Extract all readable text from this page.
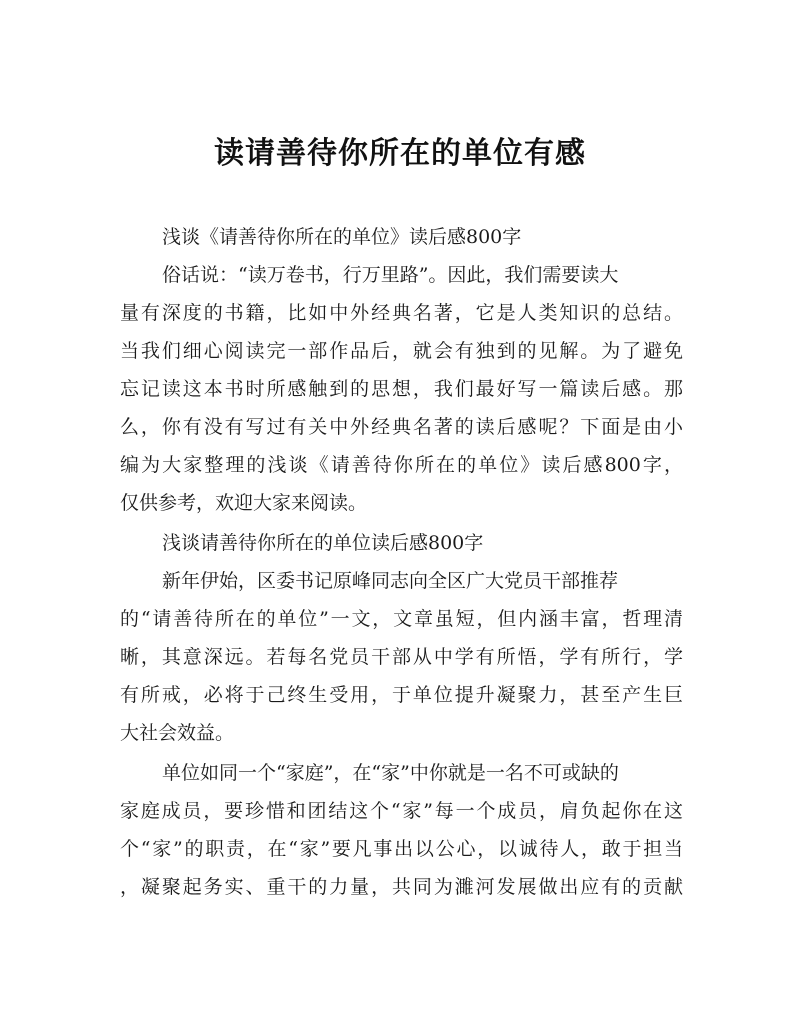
读请善待你所在的单位有感
浅谈《请善待你所在的单位》读后感800字
俗话说：“读万卷书，行万里路”。因此，我们需要读大
量有深度的书籍，比如中外经典名著，它是人类知识的总结。
当我们细心阅读完一部作品后，就会有独到的见解。为了避免
忘记读这本书时所感触到的思想，我们最好写一篇读后感。那
么，你有没有写过有关中外经典名著的读后感呢？下面是由小
编为大家整理的浅谈《请善待你所在的单位》读后感800字，
仅供参考，欢迎大家来阅读。
浅谈请善待你所在的单位读后感800字
新年伊始，区委书记原峰同志向全区广大党员干部推荐
的“请善待所在的单位”一文，文章虽短，但内涵丰富，哲理清
晰，其意深远。若每名党员干部从中学有所悟，学有所行，学
有所戒，必将于己终生受用，于单位提升凝聚力，甚至产生巨
大社会效益。
单位如同一个“家庭”，在“家”中你就是一名不可或缺的
家庭成员，要珍惜和团结这个“家”每一个成员，肩负起你在这
个“家”的职责，在“家”要凡事出以公心，以诚待人，敢于担当
，凝聚起务实、重干的力量，共同为濉河发展做出应有的贡献
